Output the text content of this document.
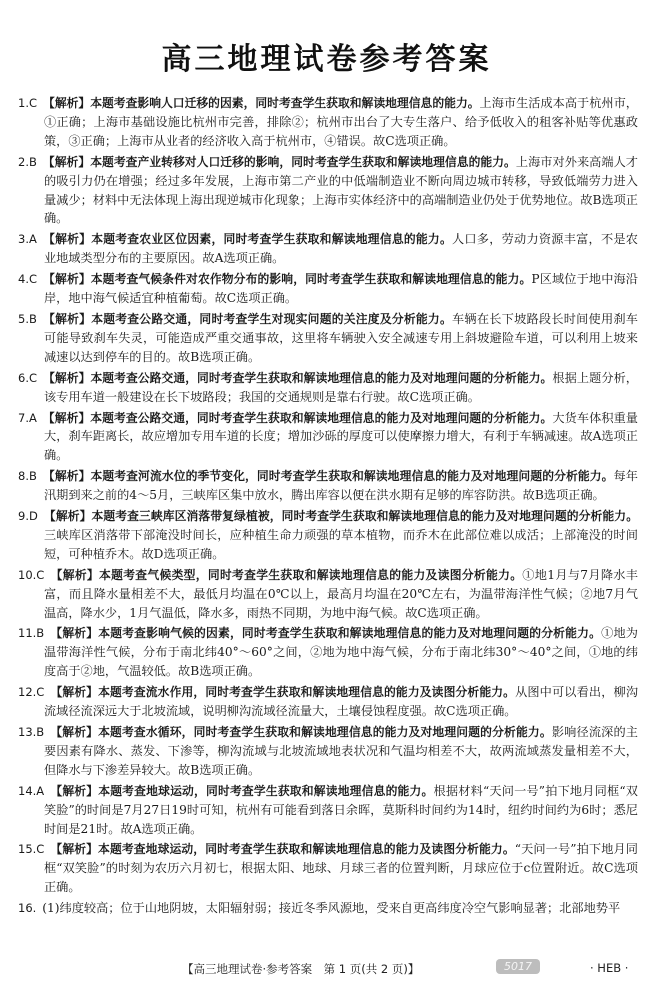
高三地理试卷参考答案
1.C 【解析】本题考查影响人口迁移的因素，同时考查学生获取和解读地理信息的能力。上海市生活成本高于杭州市，①正确；上海市基础设施比杭州市完善，排除②；杭州市出台了大专生落户、给予低收入的租客补贴等优惠政策，③正确；上海市从业者的经济收入高于杭州市，④错误。故C选项正确。
2.B 【解析】本题考查产业转移对人口迁移的影响，同时考查学生获取和解读地理信息的能力。上海市对外来高端人才的吸引力仍在增强；经过多年发展，上海市第二产业的中低端制造业不断向周边城市转移，导致低端劳力进入量减少；材料中无法体现上海出现逆城市化现象；上海市实体经济中的高端制造业仍处于优势地位。故B选项正确。
3.A 【解析】本题考查农业区位因素，同时考查学生获取和解读地理信息的能力。人口多，劳动力资源丰富，不是农业地域类型分布的主要原因。故A选项正确。
4.C 【解析】本题考查气候条件对农作物分布的影响，同时考查学生获取和解读地理信息的能力。P区域位于地中海沿岸，地中海气候适宜种植葡萄。故C选项正确。
5.B 【解析】本题考查公路交通，同时考查学生对现实问题的关注度及分析能力。车辆在长下坡路段长时间使用刹车可能导致刹车失灵，可能造成严重交通事故，这里将车辆驶入安全减速专用上斜坡避险车道，可以利用上坡来减速以达到停车的目的。故B选项正确。
6.C 【解析】本题考查公路交通，同时考查学生获取和解读地理信息的能力及对地理问题的分析能力。根据上题分析，该专用车道一般建设在长下坡路段；我国的交通规则是靠右行驶。故C选项正确。
7.A 【解析】本题考查公路交通，同时考查学生获取和解读地理信息的能力及对地理问题的分析能力。大货车体积重量大，刹车距离长，故应增加专用车道的长度；增加沙砾的厚度可以使摩擦力增大，有利于车辆减速。故A选项正确。
8.B 【解析】本题考查河流水位的季节变化，同时考查学生获取和解读地理信息的能力及对地理问题的分析能力。每年汛期到来之前的4～5月，三峡库区集中放水，腾出库容以便在洪水期有足够的库容防洪。故B选项正确。
9.D 【解析】本题考查三峡库区消落带复绿植被，同时考查学生获取和解读地理信息的能力及对地理问题的分析能力。三峡库区消落带下部淹没时间长，应种植生命力顽强的草本植物，而乔木在此部位难以成活；上部淹没的时间短，可种植乔木。故D选项正确。
10.C 【解析】本题考查气候类型，同时考查学生获取和解读地理信息的能力及读图分析能力。①地1月与7月降水丰富，而且降水量相差不大，最低月均温在0℃以上，最高月均温在20℃左右，为温带海洋性气候；②地7月气温高，降水少，1月气温低，降水多，雨热不同期，为地中海气候。故C选项正确。
11.B 【解析】本题考查影响气候的因素，同时考查学生获取和解读地理信息的能力及对地理问题的分析能力。①地为温带海洋性气候，分布于南北纬40°～60°之间，②地为地中海气候，分布于南北纬30°～40°之间，①地的纬度高于②地，气温较低。故B选项正确。
12.C 【解析】本题考查流水作用，同时考查学生获取和解读地理信息的能力及读图分析能力。从图中可以看出，柳沟流域径流深远大于北坡流域，说明柳沟流域径流量大，土壤侵蚀程度强。故C选项正确。
13.B 【解析】本题考查水循环，同时考查学生获取和解读地理信息的能力及对地理问题的分析能力。影响径流深的主要因素有降水、蒸发、下渗等，柳沟流域与北坡流域地表状况和气温均相差不大，故两流域蒸发量相差不大，但降水与下渗差异较大。故B选项正确。
14.A 【解析】本题考查地球运动，同时考查学生获取和解读地理信息的能力。根据材料“天问一号”拍下地月同框“双笑脸”的时间是7月27日19时可知，杭州有可能看到落日余晖，莫斯科时间约为14时，纽约时间约为6时；悉尼时间是21时。故A选项正确。
15.C 【解析】本题考查地球运动，同时考查学生获取和解读地理信息的能力及读图分析能力。“天问一号”拍下地月同框“双笑脸”的时刻为农历六月初七，根据太阳、地球、月球三者的位置判断，月球应位于c位置附近。故C选项正确。
16. (1)纬度较高；位于山地阴坡，太阳辐射弱；接近冬季风源地，受来自更高纬度冷空气影响显著；北部地势平
【高三地理试卷·参考答案　第 1 页(共 2 页)】	5017	· HEB ·
